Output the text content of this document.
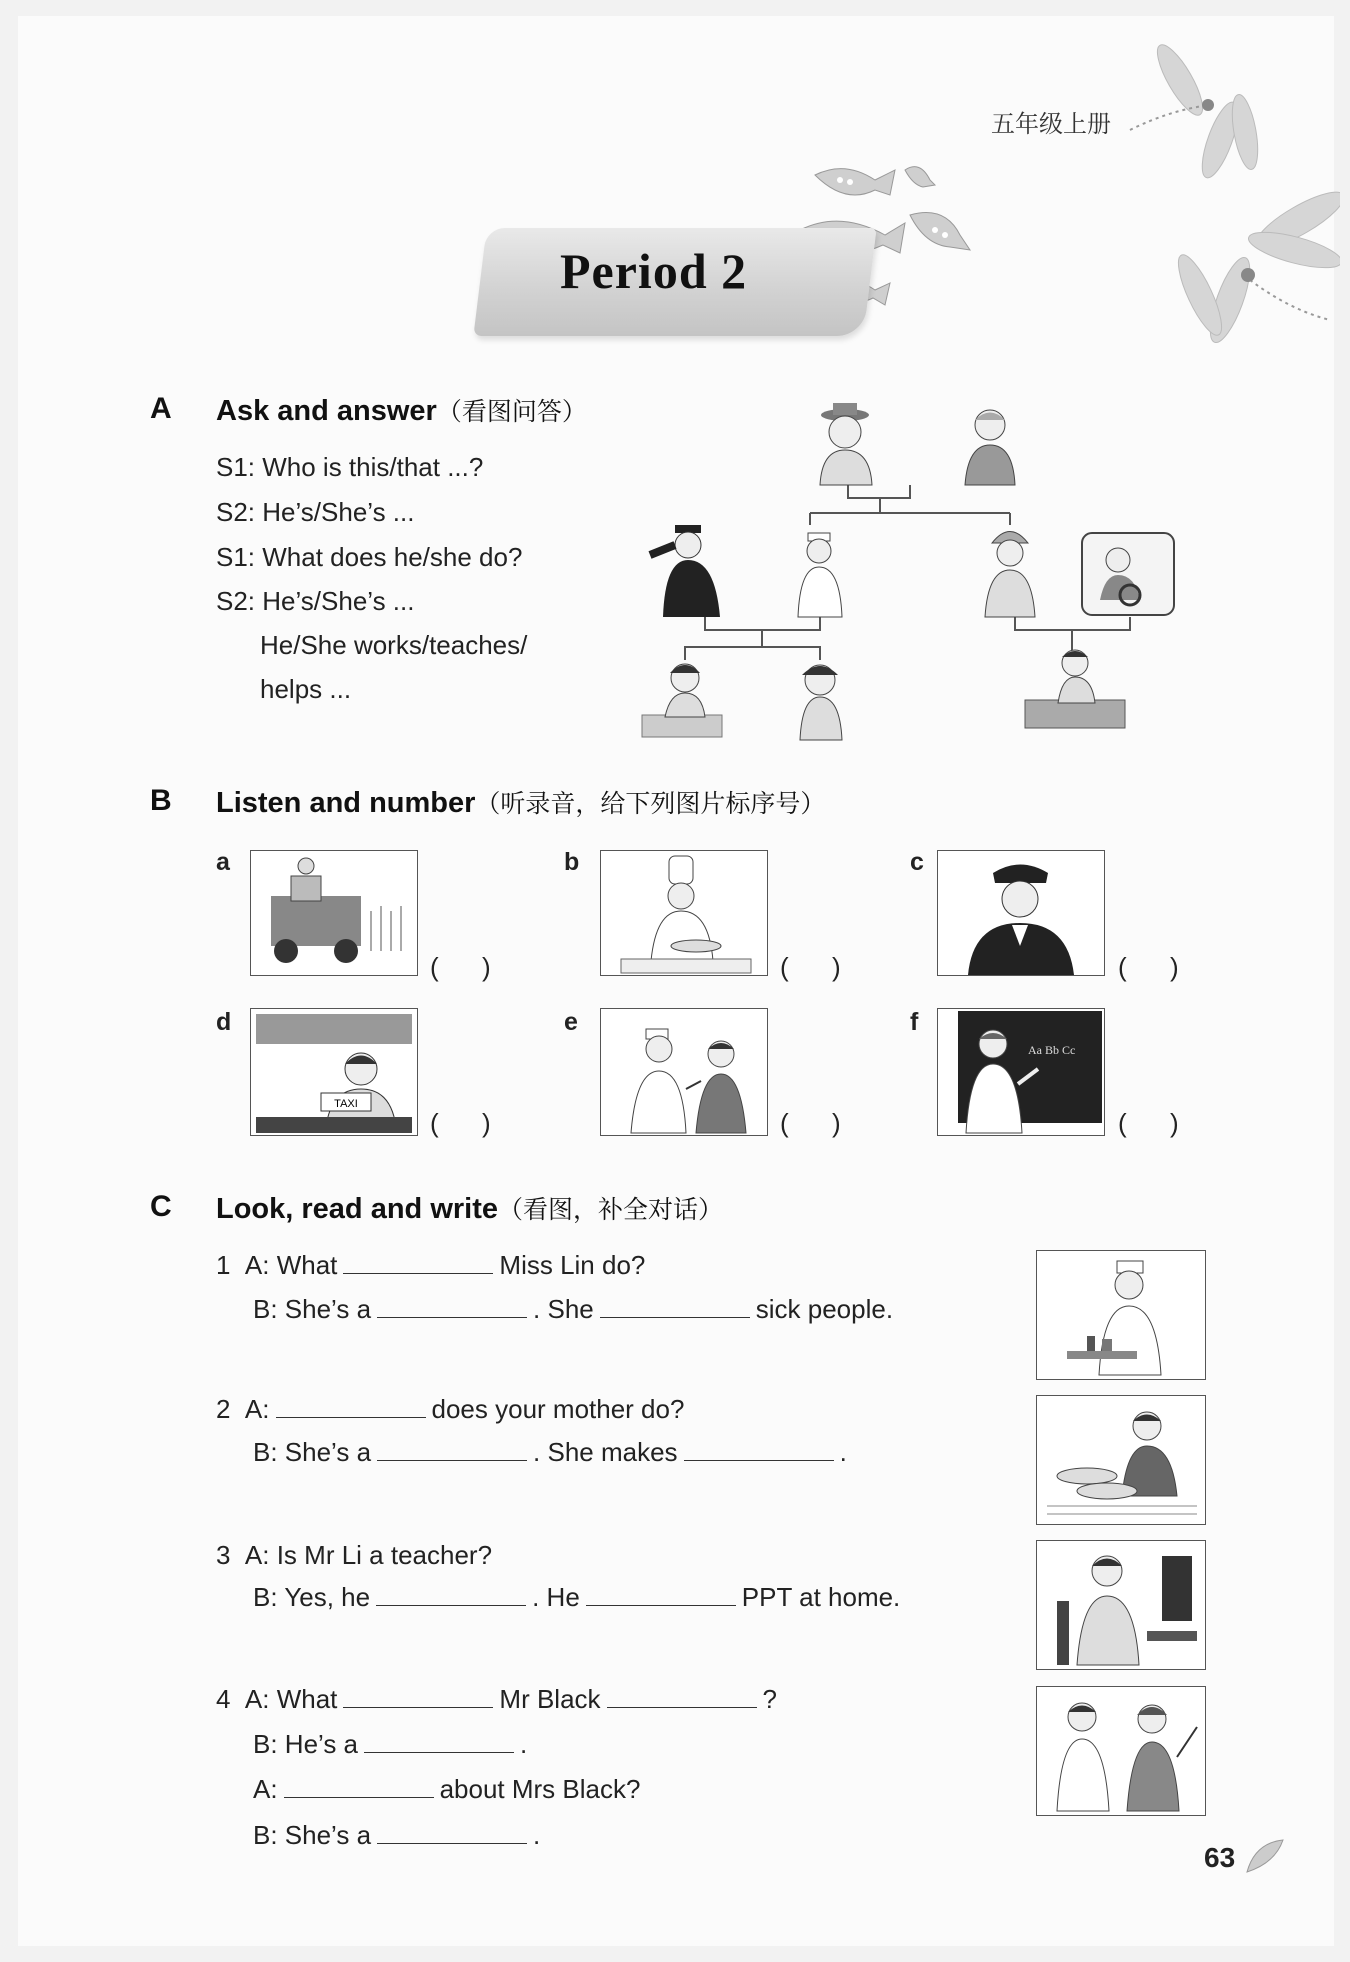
五年级上册
Period 2
A Ask and answer（看图问答）
S1: Who is this/that ...?
S2: He’s/She’s ...
S1: What does he/she do?
S2: He’s/She’s ...
He/She works/teaches/
helps ...
B Listen and number（听录音，给下列图片标序号）
a
( )
b
( )
c
( )
d
TAXI
( )
e
( )
f
Aa Bb Cc
( )
C Look, read and write（看图，补全对话）
1 A: What	Miss Lin do?
B: She’s a	. She	sick people.
2 A:	does your mother do?
B: She’s a	. She makes	.
3 A: Is Mr Li a teacher?
B: Yes, he	. He	PPT at home.
4 A: What	Mr Black	?
B: He’s a	.
A:	about Mrs Black?
B: She’s a	.
63
